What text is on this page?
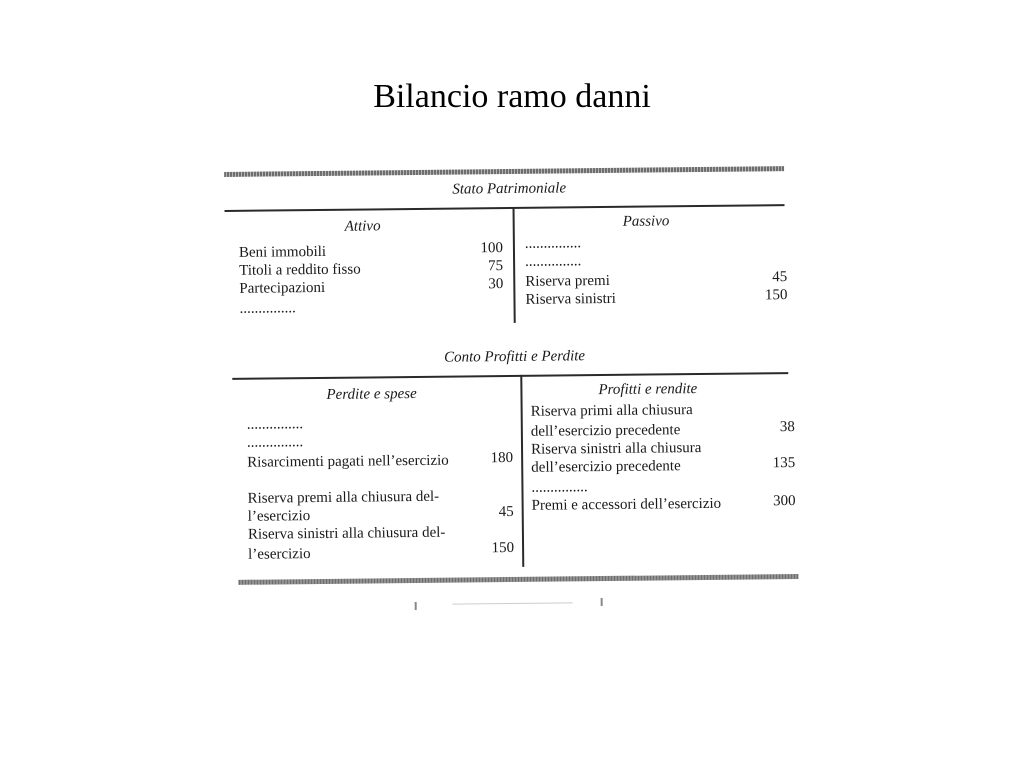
Bilancio ramo danni
Stato Patrimoniale
Attivo
Beni immobili	100
Titoli a reddito fisso	75
Partecipazioni	30
...............
Passivo
...............
...............
Riserva premi	45
Riserva sinistri	150
Conto Profitti e Perdite
Perdite e spese
...............
...............
Risarcimenti pagati nell’esercizio	180
Riserva premi alla chiusura del-
l’esercizio	45
Riserva sinistri alla chiusura del-
l’esercizio	150
Profitti e rendite
Riserva primi alla chiusura
dell’esercizio precedente	38
Riserva sinistri alla chiusura
dell’esercizio precedente	135
...............
Premi e accessori dell’esercizio	300
